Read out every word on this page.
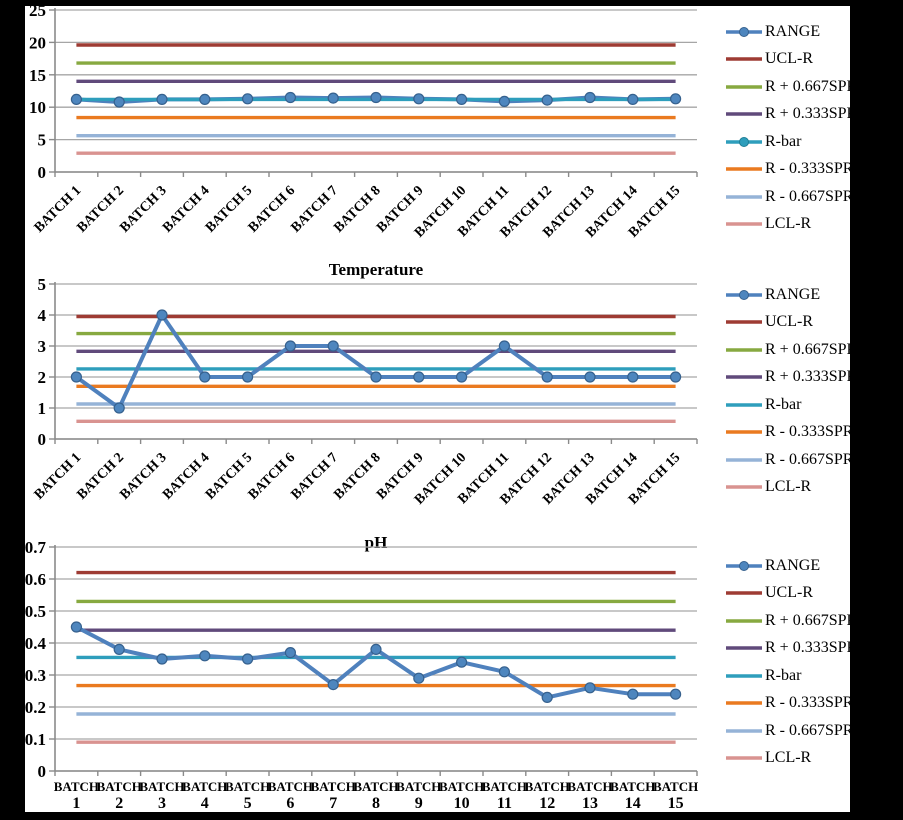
0
5
10
15
20
25
BATCH 1
BATCH 2
BATCH 3
BATCH 4
BATCH 5
BATCH 6
BATCH 7
BATCH 8
BATCH 9
BATCH 10
BATCH 11
BATCH 12
BATCH 13
BATCH 14
BATCH 15
RANGE
UCL-R
R + 0.667SPR
R + 0.333SPR
R-bar
R - 0.333SPR
R - 0.667SPR
LCL-R
Temperature
0
1
2
3
4
5
BATCH 1
BATCH 2
BATCH 3
BATCH 4
BATCH 5
BATCH 6
BATCH 7
BATCH 8
BATCH 9
BATCH 10
BATCH 11
BATCH 12
BATCH 13
BATCH 14
BATCH 15
RANGE
UCL-R
R + 0.667SPR
R + 0.333SPR
R-bar
R - 0.333SPR
R - 0.667SPR
LCL-R
pH
0
0.1
0.2
0.3
0.4
0.5
0.6
0.7
BATCH
1
BATCH
2
BATCH
3
BATCH
4
BATCH
5
BATCH
6
BATCH
7
BATCH
8
BATCH
9
BATCH
10
BATCH
11
BATCH
12
BATCH
13
BATCH
14
BATCH
15
RANGE
UCL-R
R + 0.667SPR
R + 0.333SPR
R-bar
R - 0.333SPR
R - 0.667SPR
LCL-R
